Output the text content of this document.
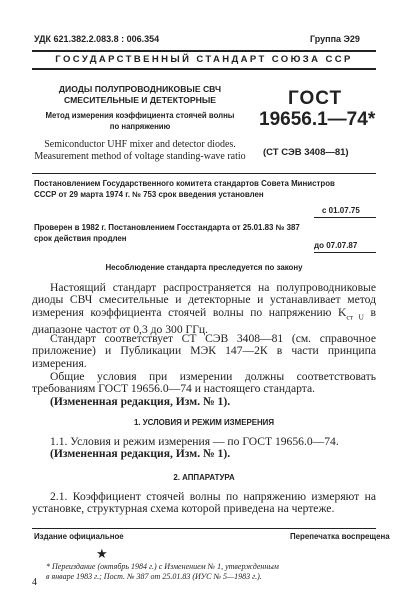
УДК 621.382.2.083.8 : 006.354	Группа Э29
ГОСУДАРСТВЕННЫЙ СТАНДАРТ СОЮЗА ССР
ДИОДЫ ПОЛУПРОВОДНИКОВЫЕ СВЧ
СМЕСИТЕЛЬНЫЕ И ДЕТЕКТОРНЫЕ
Метод измерения коэффициента стоячей волны
по напряжению
Semiconductor UHF mixer and detector diodes.
Measurement method of voltage standing-wave ratio
ГОСТ
19656.1—74*
(СТ СЭВ 3408—81)
Постановлением Государственного комитета стандартов Совета Министров
СССР от 29 марта 1974 г. № 753 срок введения установлен
с 01.07.75
Проверен в 1982 г. Постановлением Госстандарта от 25.01.83 № 387
срок действия продлен
до 07.07.87
Несоблюдение стандарта преследуется по закону
Настоящий стандарт распространяется на полупроводниковые диоды СВЧ смесительные и детекторные и устанавливает метод измерения коэффициента стоячей волны по напряжению $K_{ст U}$ в диапазоне частот от 0,3 до 300 ГГц.
Стандарт соответствует СТ СЭВ 3408—81 (см. справочное приложение) и Публикации МЭК 147—2К в части принципа измерения.
Общие условия при измерении должны соответствовать требованиям ГОСТ 19656.0—74 и настоящего стандарта.
(Измененная редакция, Изм. № 1).
1. УСЛОВИЯ И РЕЖИМ ИЗМЕРЕНИЯ
1.1. Условия и режим измерения — по ГОСТ 19656.0—74.
(Измененная редакция, Изм. № 1).
2. АППАРАТУРА
2.1. Коэффициент стоячей волны по напряжению измеряют на установке, структурная схема которой приведена на чертеже.
Издание официальное	Перепечатка воспрещена
★
* Переиздание (октябрь 1984 г.) с Изменением № 1, утвержденным
в январе 1983 г.; Пост. № 387 от 25.01.83 (ИУС № 5—1983 г.).
4
